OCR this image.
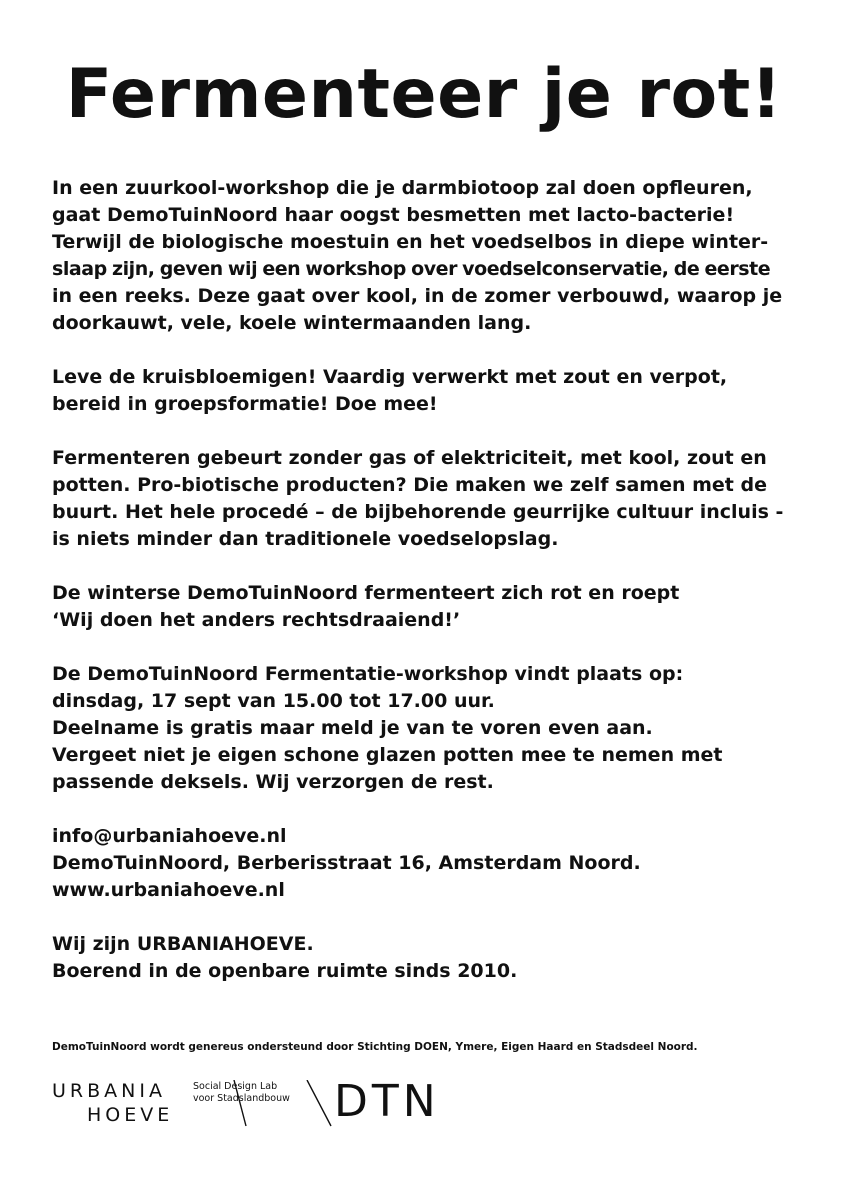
Fermenteer je rot!

In een zuurkool-workshop die je darmbiotoop zal doen opfleuren,
gaat DemoTuinNoord haar oogst besmetten met lacto-bacterie!
Terwijl de biologische moestuin en het voedselbos in diepe winter-
slaap zijn, geven wij een workshop over voedselconservatie, de eerste
in een reeks. Deze gaat over kool, in de zomer verbouwd, waarop je
doorkauwt, vele, koele wintermaanden lang.

Leve de kruisbloemigen! Vaardig verwerkt met zout en verpot,
bereid in groepsformatie! Doe mee!

Fermenteren gebeurt zonder gas of elektriciteit, met kool, zout en
potten. Pro-biotische producten? Die maken we zelf samen met de
buurt. Het hele procedé – de bijbehorende geurrijke cultuur incluis -
is niets minder dan traditionele voedselopslag.

De winterse DemoTuinNoord fermenteert zich rot en roept
‘Wij doen het anders rechtsdraaiend!’

De DemoTuinNoord Fermentatie-workshop vindt plaats op:
dinsdag, 17 sept van 15.00 tot 17.00 uur.
Deelname is gratis maar meld je van te voren even aan.
Vergeet niet je eigen schone glazen potten mee te nemen met
passende deksels. Wij verzorgen de rest.

info@urbaniahoeve.nl
DemoTuinNoord, Berberisstraat 16, Amsterdam Noord.
www.urbaniahoeve.nl

Wij zijn URBANIAHOEVE.
Boerend in de openbare ruimte sinds 2010.

DemoTuinNoord wordt genereus ondersteund door Stichting DOEN, Ymere, Eigen Haard en Stadsdeel Noord.
URBANIA
HOEVE
Social Design Lab
voor Stadslandbouw DTN
